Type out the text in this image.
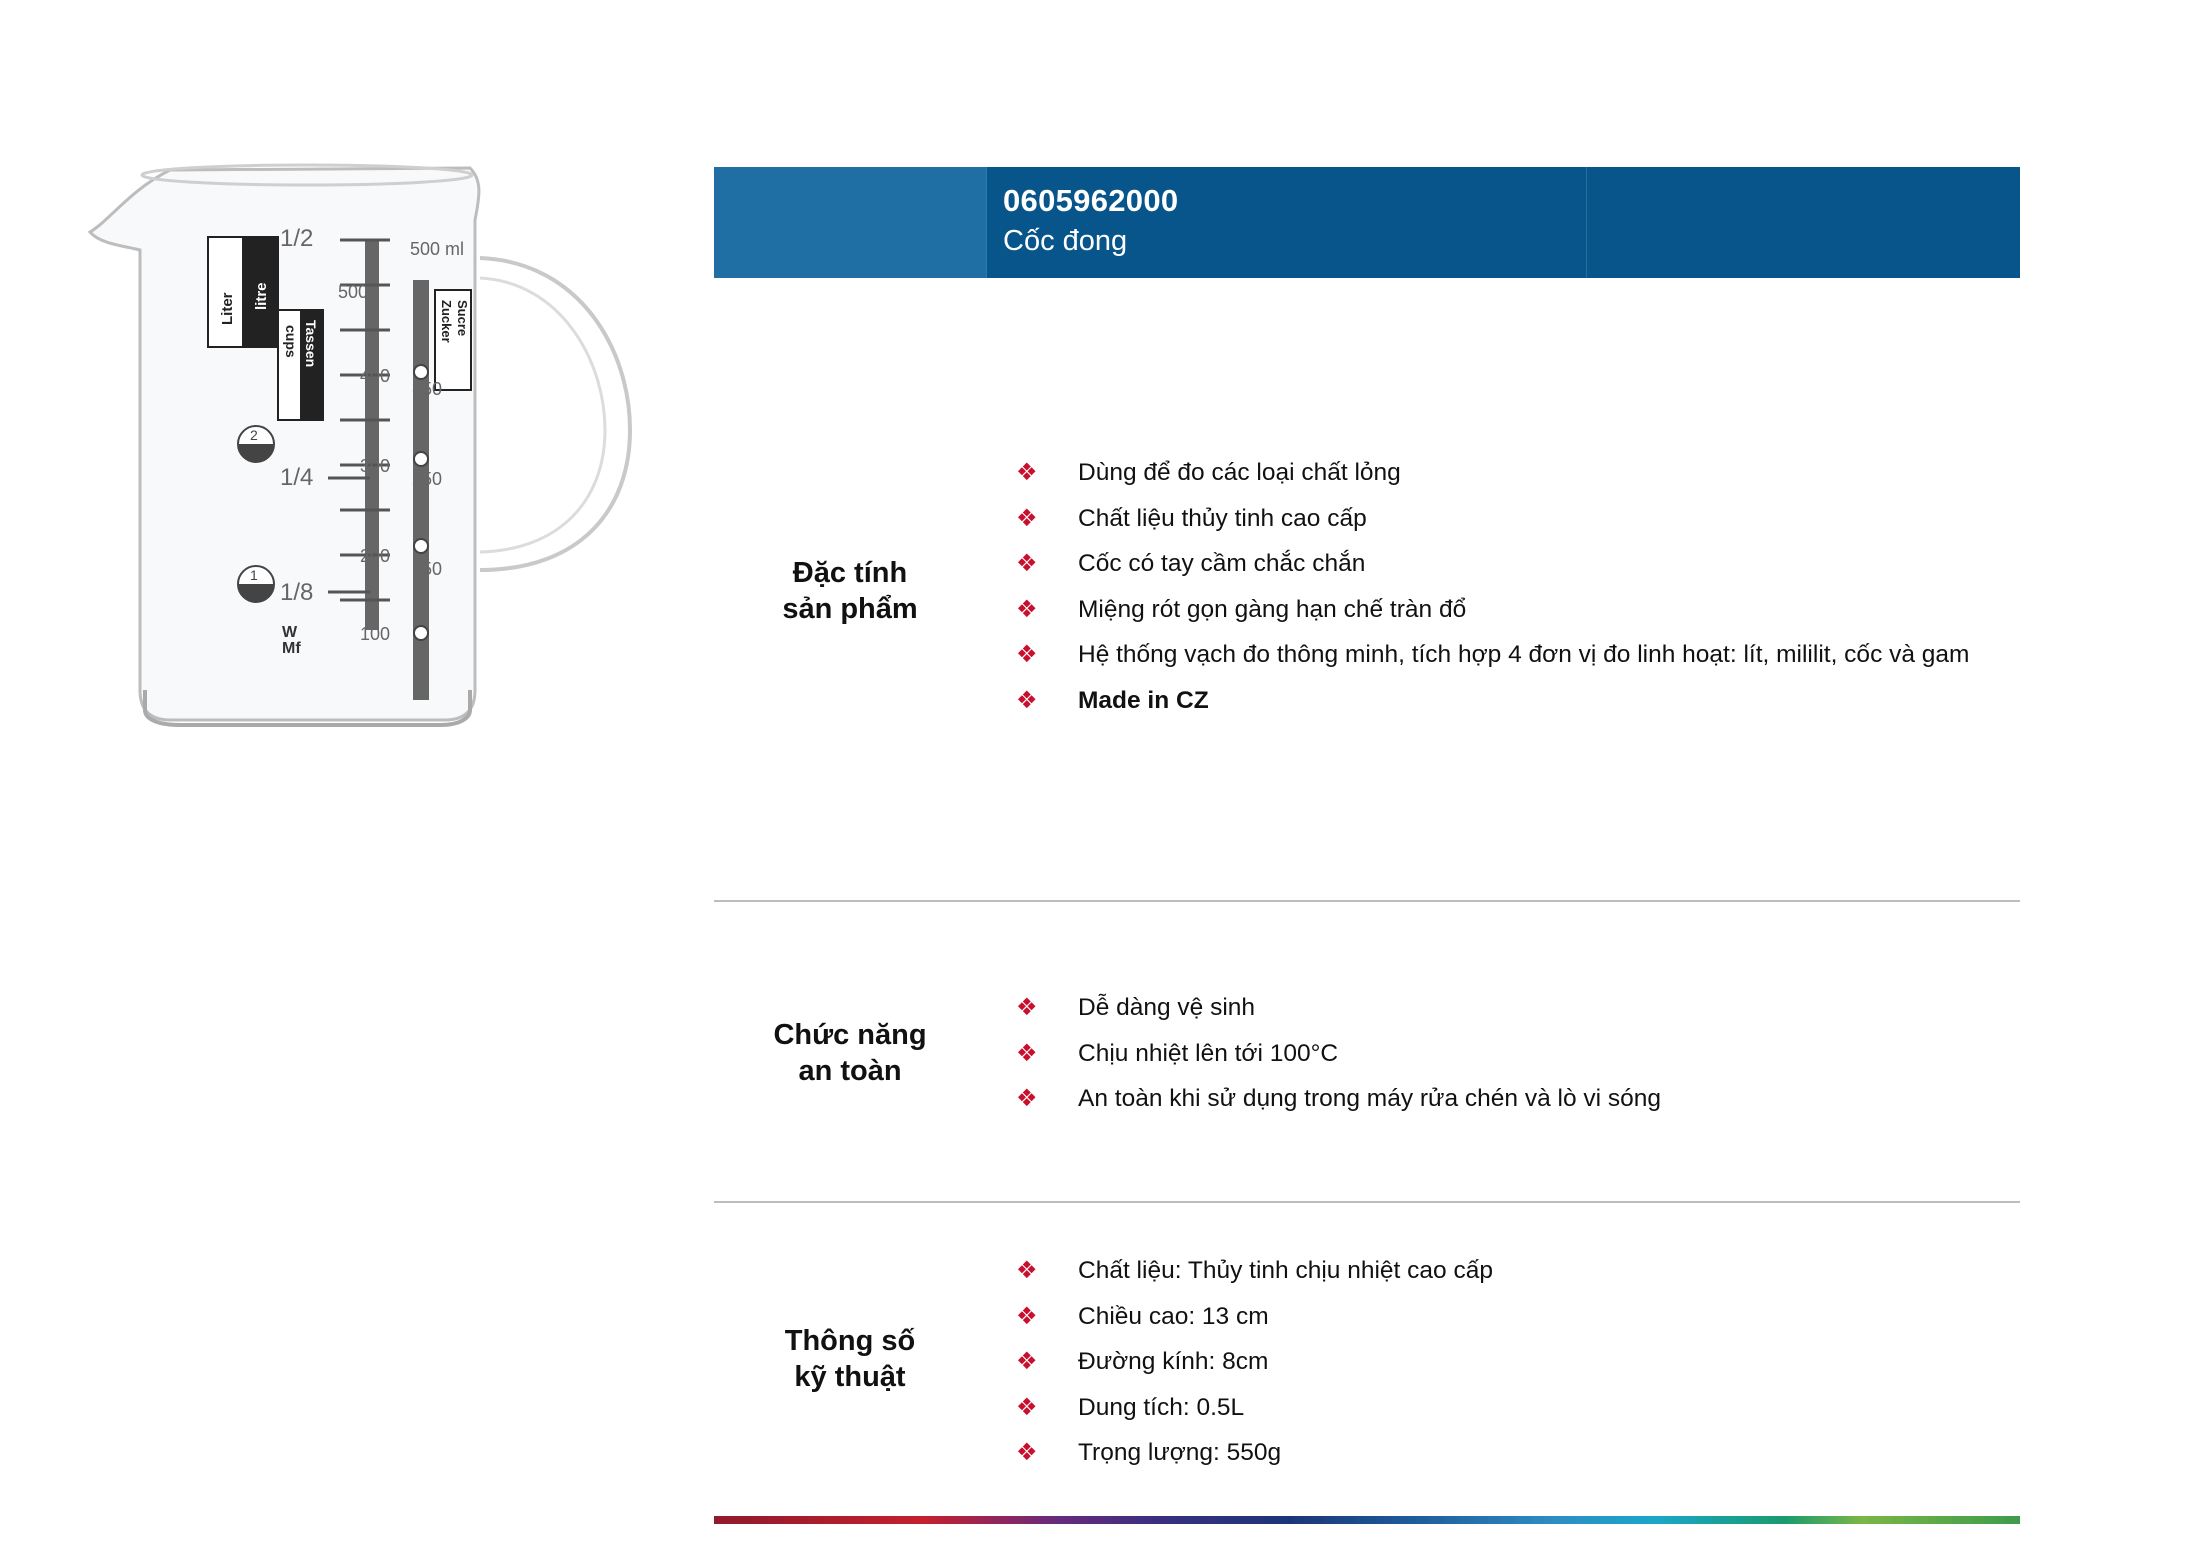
1/2
1/4
1/8
500 ml
500g
400
300
200
100
350
250
150
2
1
W
Mf
Liter litre
cups Tassen	Zucker Sucre
0605962000
Cốc đong
Đặc tính
sản phẩm
❖	Dùng để đo các loại chất lỏng
❖	Chất liệu thủy tinh cao cấp
❖	Cốc có tay cầm chắc chắn
❖	Miệng rót gọn gàng hạn chế tràn đổ
❖	Hệ thống vạch đo thông minh, tích hợp 4 đơn vị đo linh hoạt: lít, mililit, cốc và gam
❖	Made in CZ
Chức năng
an toàn
❖	Dễ dàng vệ sinh
❖	Chịu nhiệt lên tới 100°C
❖	An toàn khi sử dụng trong máy rửa chén và lò vi sóng
Thông số
kỹ thuật
❖	Chất liệu: Thủy tinh chịu nhiệt cao cấp
❖	Chiều cao: 13 cm
❖	Đường kính: 8cm
❖	Dung tích: 0.5L
❖	Trọng lượng: 550g
